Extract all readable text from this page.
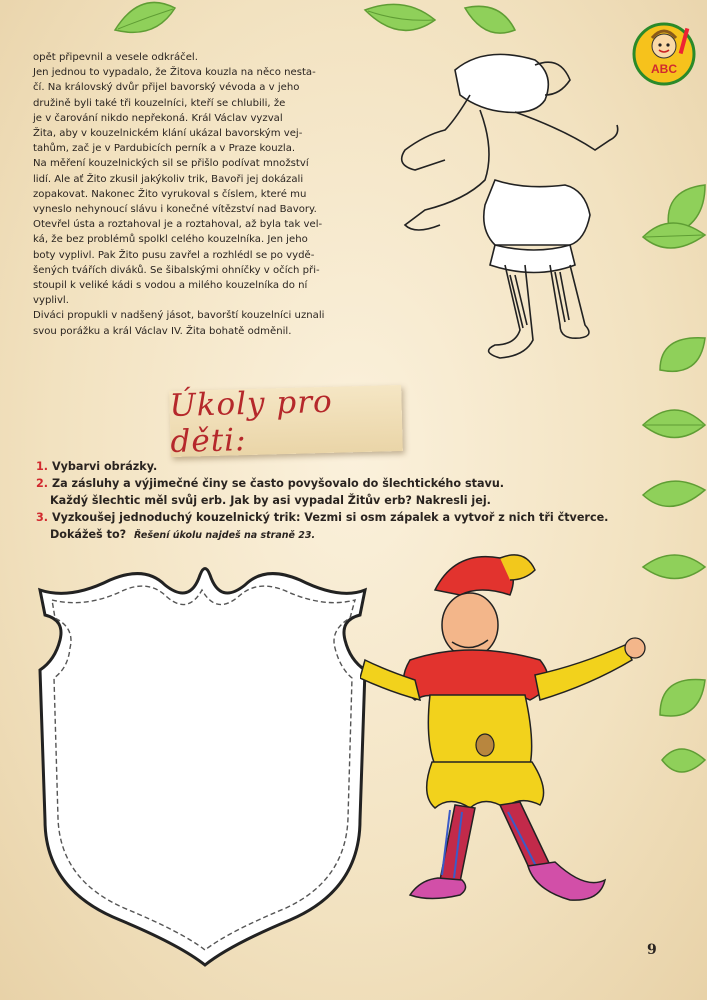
ABC

opět připevnil a vesele odkráčel.

Jen jednou to vypadalo, že Žitova kouzla na něco nesta-

čí. Na královský dvůr přijel bavorský vévoda a v jeho

družině byli také tři kouzelníci, kteří se chlubili, že

je v čarování nikdo nepřekoná. Král Václav vyzval

Žita, aby v kouzelnickém klání ukázal bavorským vej-

tahům, zač je v Pardubicích perník a v Praze kouzla.

Na měření kouzelnických sil se přišlo podívat množství

lidí. Ale ať Žito zkusil jakýkoliv trik, Bavoři jej dokázali

zopakovat. Nakonec Žito vyrukoval s číslem, které mu

vyneslo nehynoucí slávu i konečné vítězství nad Bavory.

Otevřel ústa a roztahoval je a roztahoval, až byla tak vel-

ká, že bez problémů spolkl celého kouzelníka. Jen jeho

boty vyplivl. Pak Žito pusu zavřel a rozhlédl se po vydě-

šených tvářích diváků. Se šibalskými ohníčky v očích při-

stoupil k veliké kádi s vodou a milého kouzelníka do ní

vyplivl.

Diváci propukli v nadšený jásot, bavorští kouzelníci uznali

svou porážku a král Václav IV. Žita bohatě odměnil.

Úkoly pro děti:
1. Vybarvi obrázky.
2. Za zásluhy a výjimečné činy se často povyšovalo do šlechtického stavu.
Každý šlechtic měl svůj erb. Jak by asi vypadal Žitův erb? Nakresli jej.
3. Vyzkoušej jednoduchý kouzelnický trik: Vezmi si osm zápalek a vytvoř z nich tři čtverce.
Dokážeš to? Řešení úkolu najdeš na straně 23.
9
